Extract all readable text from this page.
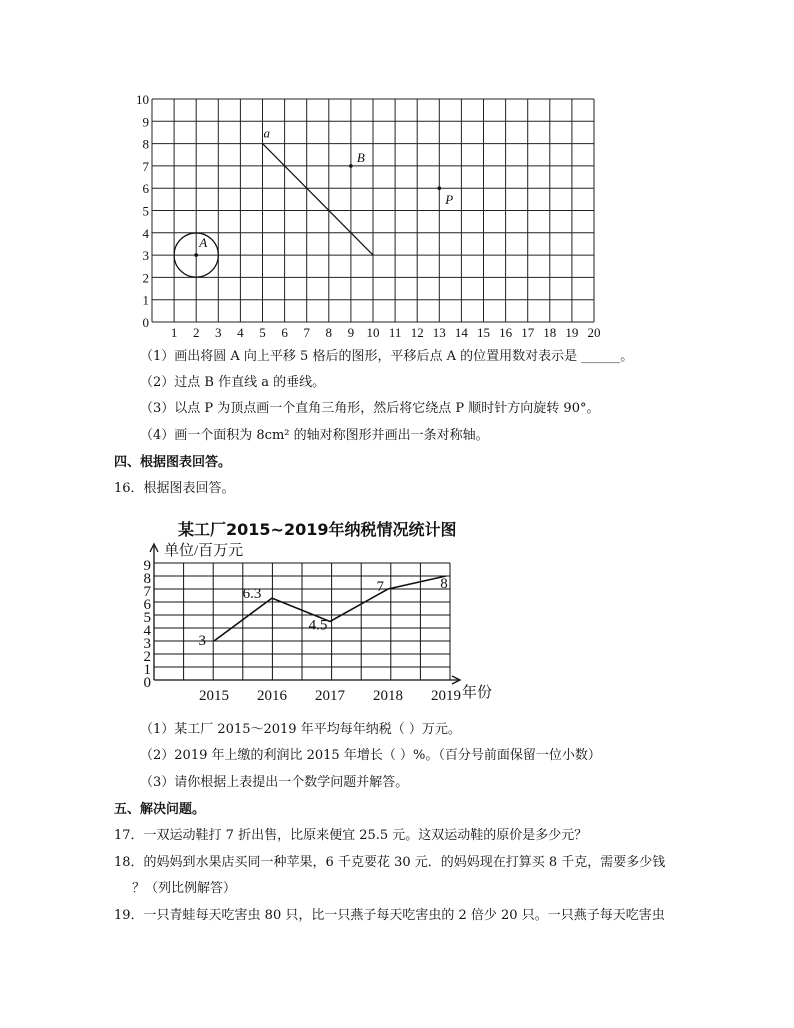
1 2 3 4 5 6 7 8 9 10 11 12 13 14 15 16 17 18 19 20
0
1
2
3
4
5
6
7
8
9
10
a
A
B
P
（1）画出将圆 A 向上平移 5 格后的图形，平移后点 A 的位置用数对表示是 ______。
（2）过点 B 作直线 a 的垂线。
（3）以点 P 为顶点画一个直角三角形，然后将它绕点 P 顺时针方向旋转 90°。
（4）画一个面积为 8cm² 的轴对称图形并画出一条对称轴。
四、根据图表回答。
16．根据图表回答。
某工厂2015~2019年纳税情况统计图
单位/百万元
年份
0
1
2
3
4
5
6
7
8
9
2015 2016 2017 2018 2019
3
6.3
4.5
7	8
（1）某工厂 2015～2019 年平均每年纳税（ ）万元。
（2）2019 年上缴的利润比 2015 年增长（ ）%。（百分号前面保留一位小数）
（3）请你根据上表提出一个数学问题并解答。
五、解决问题。
17．一双运动鞋打 7 折出售，比原来便宜 25.5 元。这双运动鞋的原价是多少元？
18．的妈妈到水果店买同一种苹果，6 千克要花 30 元．的妈妈现在打算买 8 千克，需要多少钱
？（列比例解答）
19．一只青蛙每天吃害虫 80 只，比一只燕子每天吃害虫的 2 倍少 20 只。一只燕子每天吃害虫
